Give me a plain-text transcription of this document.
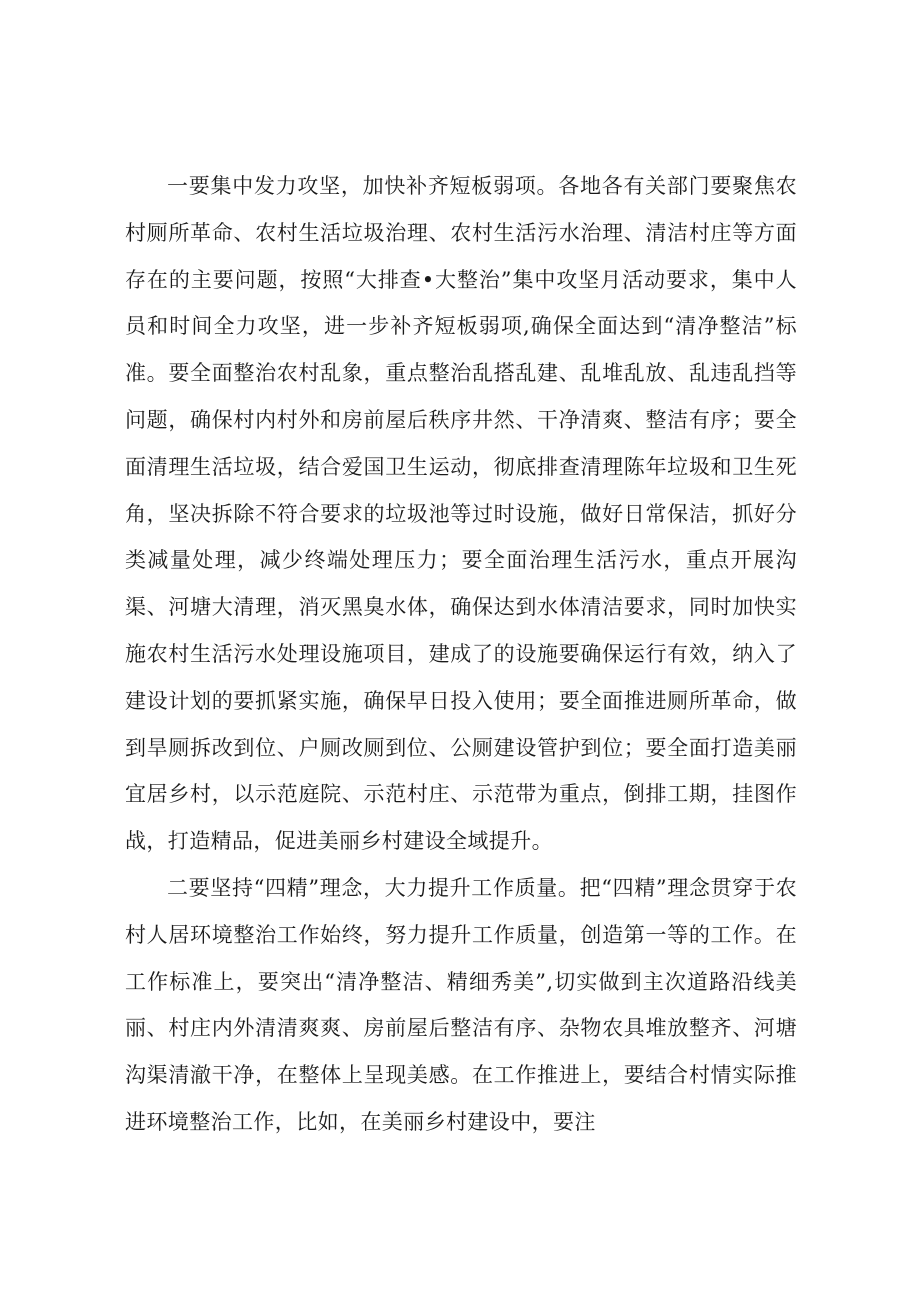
一要集中发力攻坚，加快补齐短板弱项。各地各有关部门要聚焦农村厕所革命、农村生活垃圾治理、农村生活污水治理、清洁村庄等方面存在的主要问题，按照“大排查•大整治”集中攻坚月活动要求，集中人员和时间全力攻坚，进一步补齐短板弱项,确保全面达到“清净整洁”标准。要全面整治农村乱象，重点整治乱搭乱建、乱堆乱放、乱违乱挡等问题，确保村内村外和房前屋后秩序井然、干净清爽、整洁有序；要全面清理生活垃圾，结合爱国卫生运动，彻底排查清理陈年垃圾和卫生死角，坚决拆除不符合要求的垃圾池等过时设施，做好日常保洁，抓好分类减量处理，减少终端处理压力；要全面治理生活污水，重点开展沟渠、河塘大清理，消灭黑臭水体，确保达到水体清洁要求，同时加快实施农村生活污水处理设施项目，建成了的设施要确保运行有效，纳入了建设计划的要抓紧实施，确保早日投入使用；要全面推进厕所革命，做到旱厕拆改到位、户厕改厕到位、公厕建设管护到位；要全面打造美丽宜居乡村，以示范庭院、示范村庄、示范带为重点，倒排工期，挂图作战，打造精品，促进美丽乡村建设全域提升。

二要坚持“四精”理念，大力提升工作质量。把“四精”理念贯穿于农村人居环境整治工作始终，努力提升工作质量，创造第一等的工作。在工作标准上，要突出“清净整洁、精细秀美”,切实做到主次道路沿线美丽、村庄内外清清爽爽、房前屋后整洁有序、杂物农具堆放整齐、河塘沟渠清澈干净，在整体上呈现美感。在工作推进上，要结合村情实际推进环境整治工作，比如，在美丽乡村建设中，要注
